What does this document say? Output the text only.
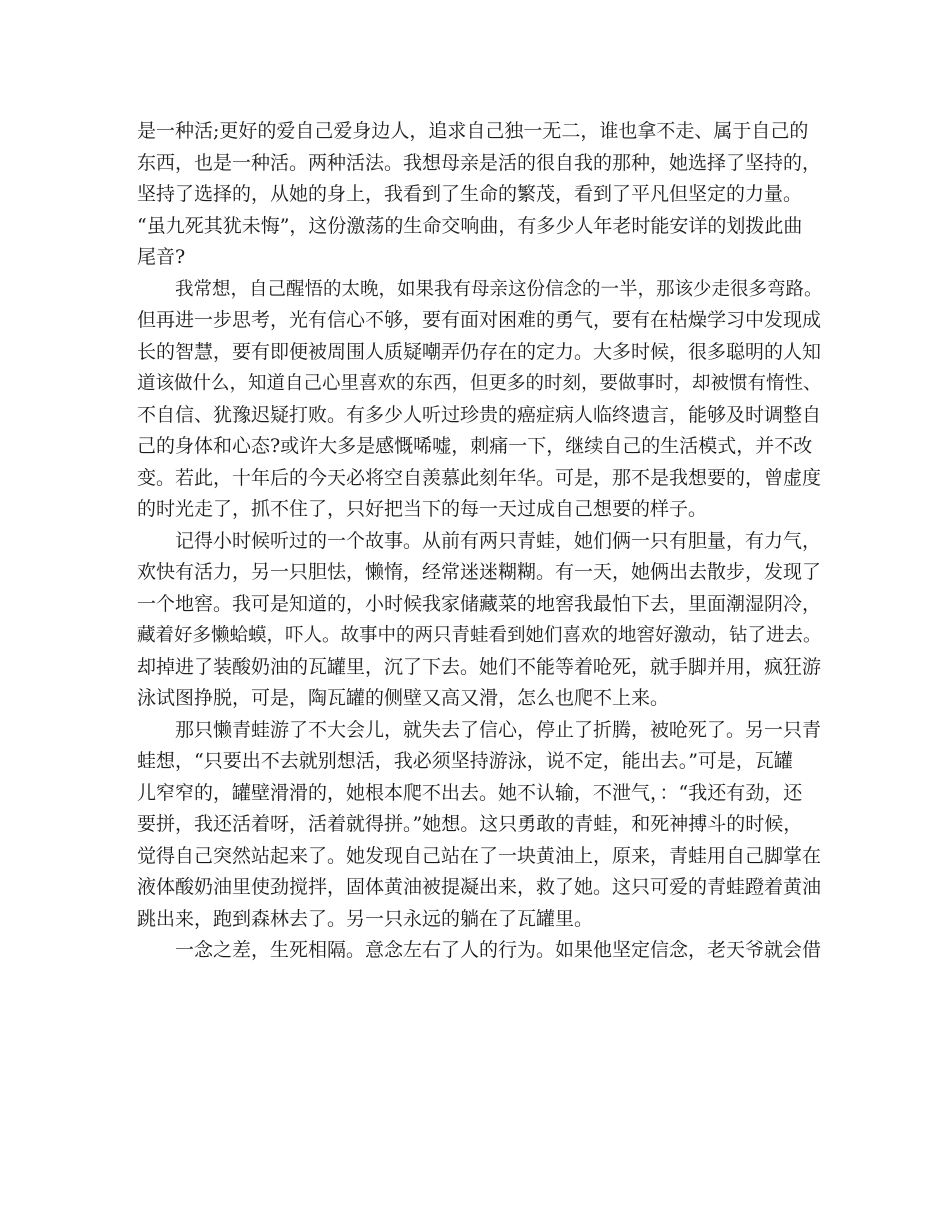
是一种活;更好的爱自己爱身边人，追求自己独一无二，谁也拿不走、属于自己的
东西，也是一种活。两种活法。我想母亲是活的很自我的那种，她选择了坚持的，
坚持了选择的，从她的身上，我看到了生命的繁茂，看到了平凡但坚定的力量。
“虽九死其犹未悔”，这份激荡的生命交响曲，有多少人年老时能安详的划拨此曲
尾音?
我常想，自己醒悟的太晚，如果我有母亲这份信念的一半，那该少走很多弯路。
但再进一步思考，光有信心不够，要有面对困难的勇气，要有在枯燥学习中发现成
长的智慧，要有即便被周围人质疑嘲弄仍存在的定力。大多时候，很多聪明的人知
道该做什么，知道自己心里喜欢的东西，但更多的时刻，要做事时，却被惯有惰性、
不自信、犹豫迟疑打败。有多少人听过珍贵的癌症病人临终遗言，能够及时调整自
己的身体和心态?或许大多是感慨唏嘘，刺痛一下，继续自己的生活模式，并不改
变。若此，十年后的今天必将空自羡慕此刻年华。可是，那不是我想要的，曾虚度
的时光走了，抓不住了，只好把当下的每一天过成自己想要的样子。
记得小时候听过的一个故事。从前有两只青蛙，她们俩一只有胆量，有力气，
欢快有活力，另一只胆怯，懒惰，经常迷迷糊糊。有一天，她俩出去散步，发现了
一个地窖。我可是知道的，小时候我家储藏菜的地窖我最怕下去，里面潮湿阴冷，
藏着好多懒蛤蟆，吓人。故事中的两只青蛙看到她们喜欢的地窖好激动，钻了进去。
却掉进了装酸奶油的瓦罐里，沉了下去。她们不能等着呛死，就手脚并用，疯狂游
泳试图挣脱，可是，陶瓦罐的侧壁又高又滑，怎么也爬不上来。
那只懒青蛙游了不大会儿，就失去了信心，停止了折腾，被呛死了。另一只青
蛙想，“只要出不去就别想活，我必须坚持游泳，说不定，能出去。”可是，瓦罐
儿窄窄的，罐壁滑滑的，她根本爬不出去。她不认输，不泄气，：“我还有劲，还
要拼，我还活着呀，活着就得拼。”她想。这只勇敢的青蛙，和死神搏斗的时候，
觉得自己突然站起来了。她发现自己站在了一块黄油上，原来，青蛙用自己脚掌在
液体酸奶油里使劲搅拌，固体黄油被提凝出来，救了她。这只可爱的青蛙蹬着黄油
跳出来，跑到森林去了。另一只永远的躺在了瓦罐里。
一念之差，生死相隔。意念左右了人的行为。如果他坚定信念，老天爷就会借
